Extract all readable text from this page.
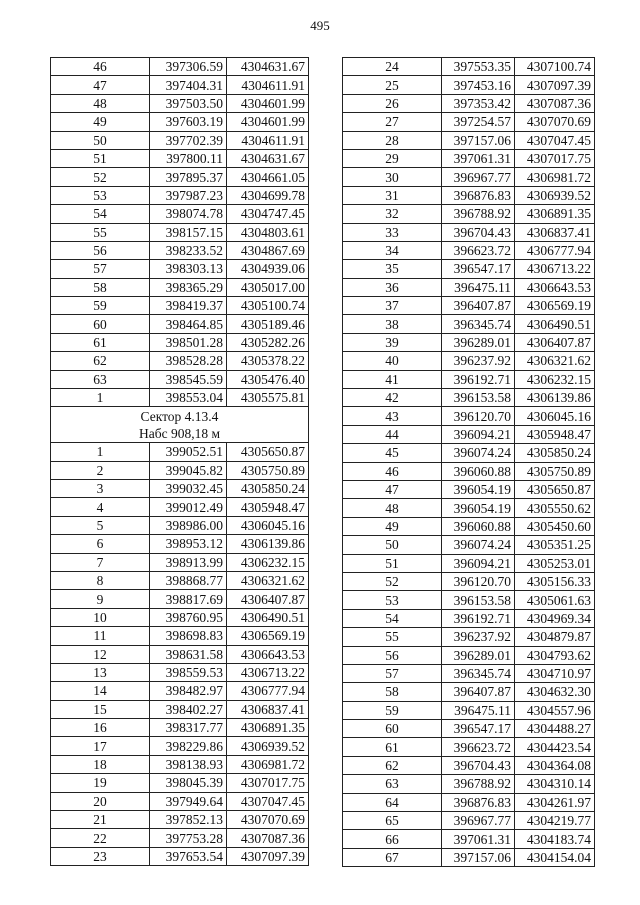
495
46	397306.59	4304631.67
47	397404.31	4304611.91
48	397503.50	4304601.99
49	397603.19	4304601.99
50	397702.39	4304611.91
51	397800.11	4304631.67
52	397895.37	4304661.05
53	397987.23	4304699.78
54	398074.78	4304747.45
55	398157.15	4304803.61
56	398233.52	4304867.69
57	398303.13	4304939.06
58	398365.29	4305017.00
59	398419.37	4305100.74
60	398464.85	4305189.46
61	398501.28	4305282.26
62	398528.28	4305378.22
63	398545.59	4305476.40
1	398553.04	4305575.81
Сектор 4.13.4		
Набс 908,18 м		
1	399052.51	4305650.87
2	399045.82	4305750.89
3	399032.45	4305850.24
4	399012.49	4305948.47
5	398986.00	4306045.16
6	398953.12	4306139.86
7	398913.99	4306232.15
8	398868.77	4306321.62
9	398817.69	4306407.87
10	398760.95	4306490.51
11	398698.83	4306569.19
12	398631.58	4306643.53
13	398559.53	4306713.22
14	398482.97	4306777.94
15	398402.27	4306837.41
16	398317.77	4306891.35
17	398229.86	4306939.52
18	398138.93	4306981.72
19	398045.39	4307017.75
20	397949.64	4307047.45
21	397852.13	4307070.69
22	397753.28	4307087.36
23	397653.54	4307097.39
24	397553.35	4307100.74
25	397453.16	4307097.39
26	397353.42	4307087.36
27	397254.57	4307070.69
28	397157.06	4307047.45
29	397061.31	4307017.75
30	396967.77	4306981.72
31	396876.83	4306939.52
32	396788.92	4306891.35
33	396704.43	4306837.41
34	396623.72	4306777.94
35	396547.17	4306713.22
36	396475.11	4306643.53
37	396407.87	4306569.19
38	396345.74	4306490.51
39	396289.01	4306407.87
40	396237.92	4306321.62
41	396192.71	4306232.15
42	396153.58	4306139.86
43	396120.70	4306045.16
44	396094.21	4305948.47
45	396074.24	4305850.24
46	396060.88	4305750.89
47	396054.19	4305650.87
48	396054.19	4305550.62
49	396060.88	4305450.60
50	396074.24	4305351.25
51	396094.21	4305253.01
52	396120.70	4305156.33
53	396153.58	4305061.63
54	396192.71	4304969.34
55	396237.92	4304879.87
56	396289.01	4304793.62
57	396345.74	4304710.97
58	396407.87	4304632.30
59	396475.11	4304557.96
60	396547.17	4304488.27
61	396623.72	4304423.54
62	396704.43	4304364.08
63	396788.92	4304310.14
64	396876.83	4304261.97
65	396967.77	4304219.77
66	397061.31	4304183.74
67	397157.06	4304154.04
